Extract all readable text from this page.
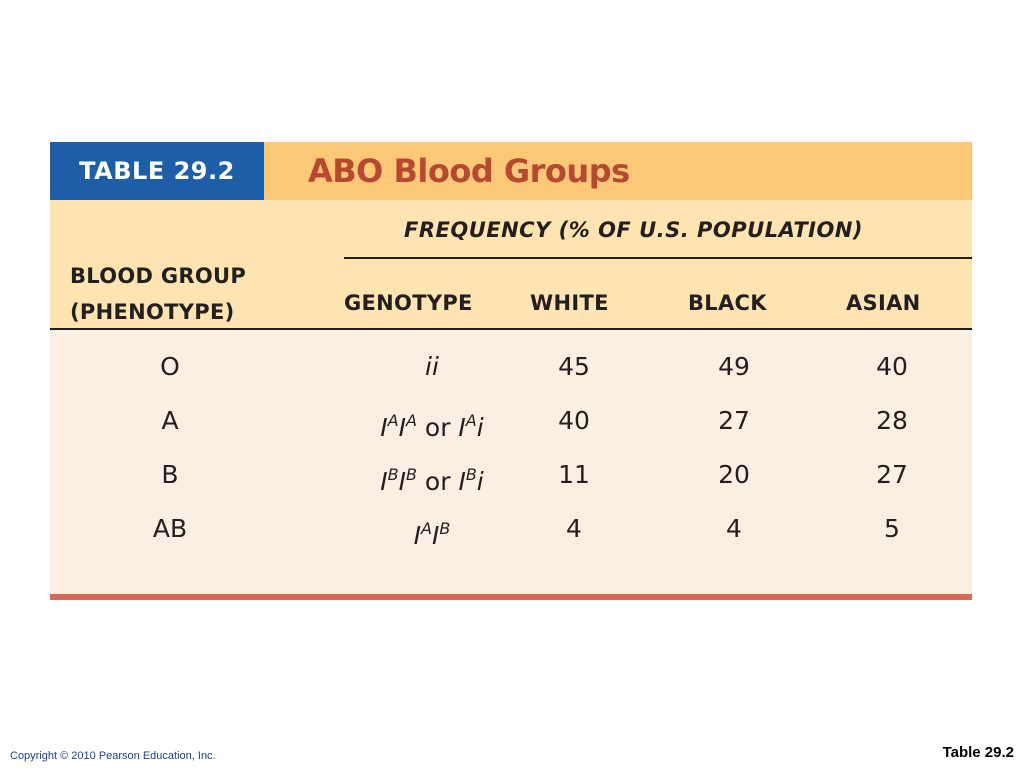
TABLE 29.2 ABO Blood Groups
FREQUENCY (% OF U.S. POPULATION)
BLOOD GROUP
(PHENOTYPE)	GENOTYPE	WHITE	BLACK	ASIAN
O	ii	45	49	40
A	$I^AI^A$ or $I^Ai$	40	27	28
B	$I^BI^B$ or $I^Bi$	11	20	27
AB	$I^AI^B$	4	4	5
Copyright © 2010 Pearson Education, Inc.	Table 29.2
